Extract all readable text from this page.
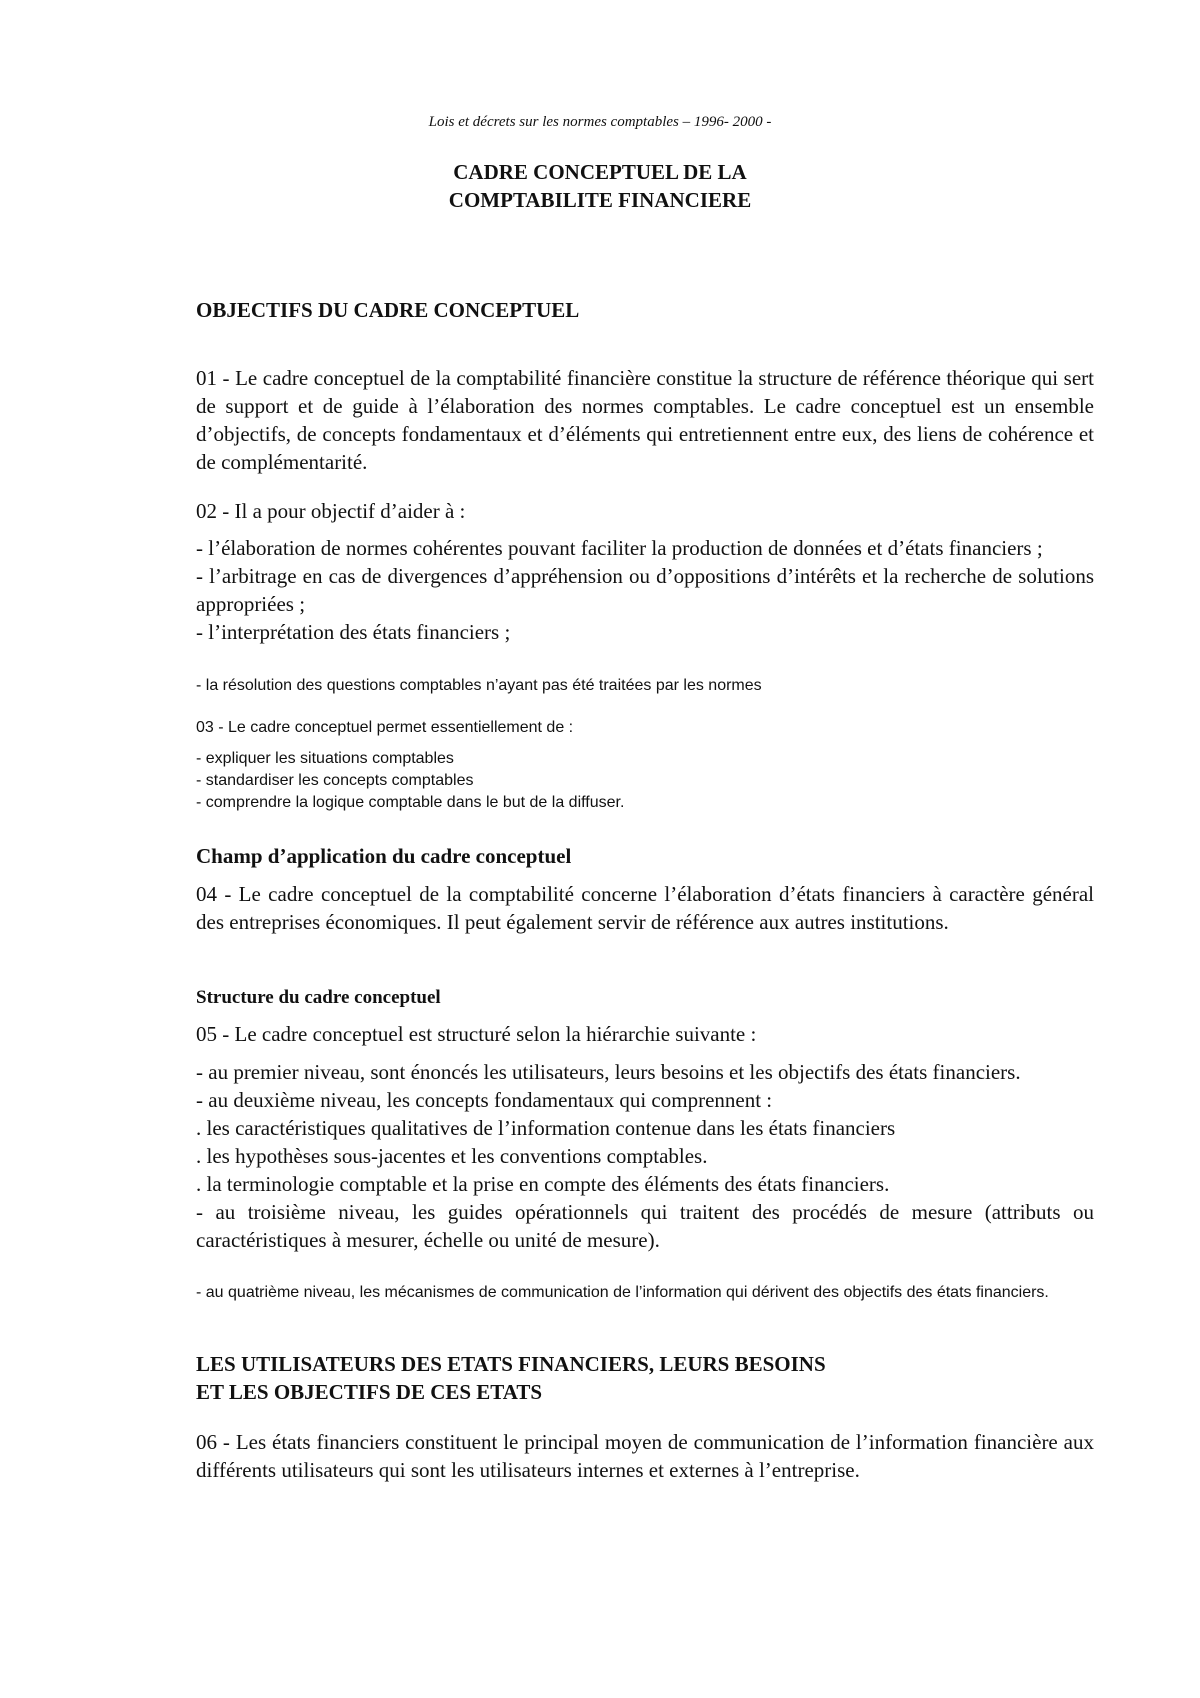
Lois et décrets sur les normes comptables – 1996- 2000 -
CADRE CONCEPTUEL DE LA
COMPTABILITE FINANCIERE
OBJECTIFS DU CADRE CONCEPTUEL
01 - Le cadre conceptuel de la comptabilité financière constitue la structure de référence théorique qui sert de support et de guide à l’élaboration des normes comptables. Le cadre conceptuel est un ensemble d’objectifs, de concepts fondamentaux et d’éléments qui entretiennent entre eux, des liens de cohérence et de complémentarité.
02 - Il a pour objectif d’aider à :
- l’élaboration de normes cohérentes pouvant faciliter la production de données et d’états financiers ;
- l’arbitrage en cas de divergences d’appréhension ou d’oppositions d’intérêts et la recherche de solutions appropriées ;
- l’interprétation des états financiers ;
- la résolution des questions comptables n’ayant pas été traitées par les normes
03 - Le cadre conceptuel permet essentiellement de :
- expliquer les situations comptables
- standardiser les concepts comptables
- comprendre la logique comptable dans le but de la diffuser.
Champ d’application du cadre conceptuel
04 - Le cadre conceptuel de la comptabilité concerne l’élaboration d’états financiers à caractère général des entreprises économiques. Il peut également servir de référence aux autres institutions.
Structure du cadre conceptuel
05 - Le cadre conceptuel est structuré selon la hiérarchie suivante :
- au premier niveau, sont énoncés les utilisateurs, leurs besoins et les objectifs des états financiers.
- au deuxième niveau, les concepts fondamentaux qui comprennent :
. les caractéristiques qualitatives de l’information contenue dans les états financiers
. les hypothèses sous-jacentes et les conventions comptables.
. la terminologie comptable et la prise en compte des éléments des états financiers.
- au troisième niveau, les guides opérationnels qui traitent des procédés de mesure (attributs ou caractéristiques à mesurer, échelle ou unité de mesure).
- au quatrième niveau, les mécanismes de communication de l’information qui dérivent des objectifs des états financiers.
LES UTILISATEURS DES ETATS FINANCIERS, LEURS BESOINS
ET LES OBJECTIFS DE CES ETATS
06 - Les états financiers constituent le principal moyen de communication de l’information financière aux différents utilisateurs qui sont les utilisateurs internes et externes à l’entreprise.
